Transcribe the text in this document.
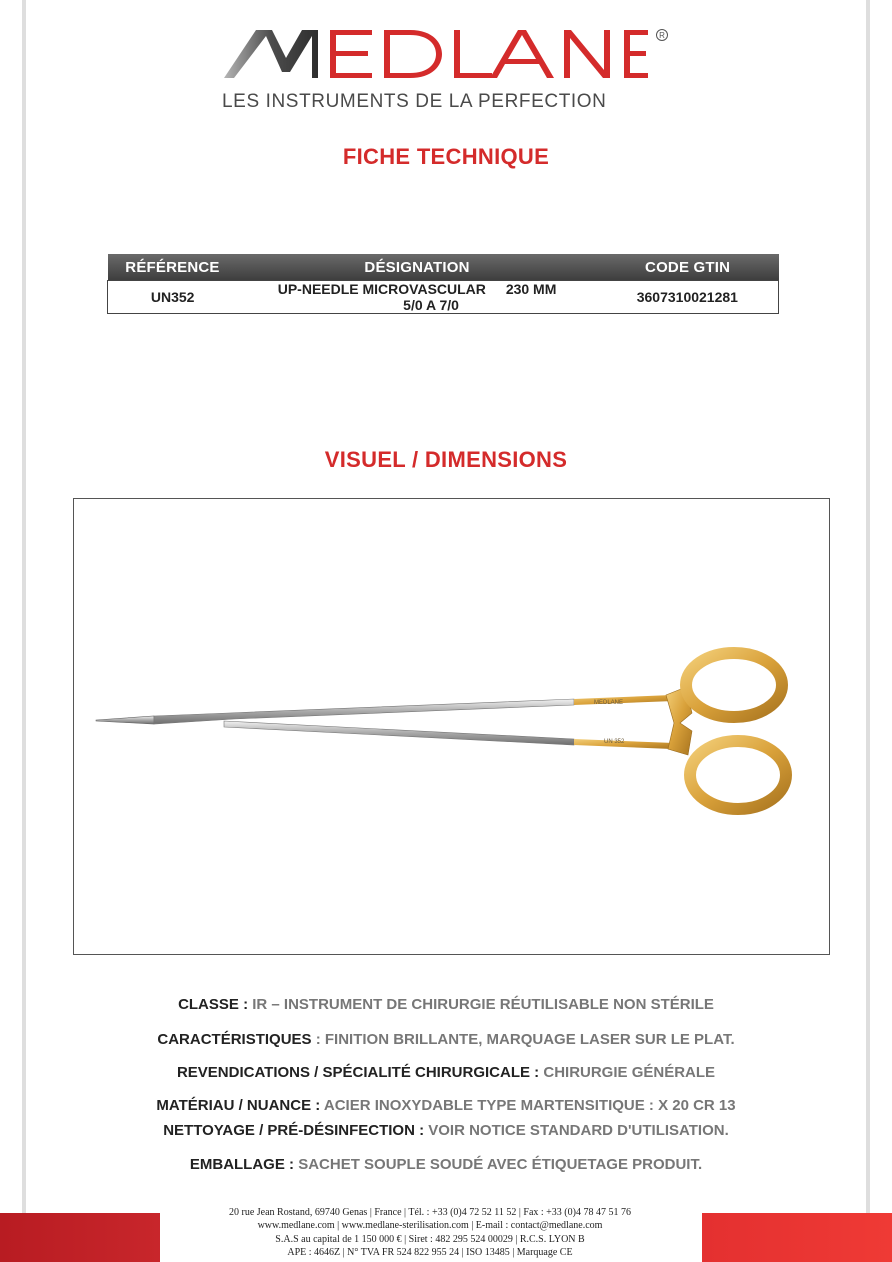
R
LES INSTRUMENTS DE LA PERFECTION
FICHE TECHNIQUE
RÉFÉRENCE	DÉSIGNATION	CODE GTIN
UN352	UP-NEEDLE MICROVASCULAR 230 MM 5/0 A 7/0	3607310021281
VISUEL / DIMENSIONS
MEDLANE
UN 352
CLASSE : IR – INSTRUMENT DE CHIRURGIE RÉUTILISABLE NON STÉRILE
CARACTÉRISTIQUES : FINITION BRILLANTE, MARQUAGE LASER SUR LE PLAT.
REVENDICATIONS / SPÉCIALITÉ CHIRURGICALE : CHIRURGIE GÉNÉRALE
MATÉRIAU / NUANCE : ACIER INOXYDABLE TYPE MARTENSITIQUE : X 20 CR 13
NETTOYAGE / PRÉ-DÉSINFECTION : VOIR NOTICE STANDARD D'UTILISATION.
EMBALLAGE : SACHET SOUPLE SOUDÉ AVEC ÉTIQUETAGE PRODUIT.
20 rue Jean Rostand, 69740 Genas | France | Tél. : +33 (0)4 72 52 11 52 | Fax : +33 (0)4 78 47 51 76
www.medlane.com | www.medlane-sterilisation.com | E-mail : contact@medlane.com
S.A.S au capital de 1 150 000 € | Siret : 482 295 524 00029 | R.C.S. LYON B
APE : 4646Z | N° TVA FR 524 822 955 24 | ISO 13485 | Marquage CE
